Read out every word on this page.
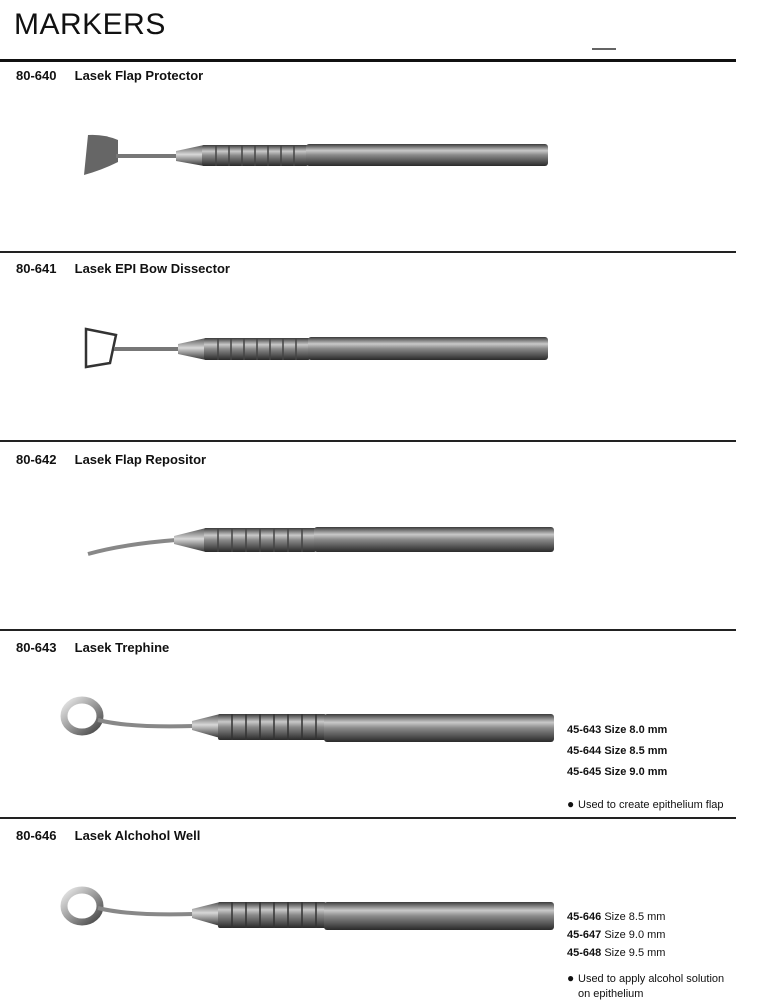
MARKERS
80-640 Lasek Flap Protector
80-641 Lasek EPI Bow Dissector
80-642 Lasek Flap Repositor
80-643 Lasek Trephine
45-643 Size 8.0 mm
45-644 Size 8.5 mm
45-645 Size 9.0 mm
● Used to create epithelium flap
80-646 Lasek Alchohol Well
45-646 Size 8.5 mm
45-647 Size 9.0 mm
45-648 Size 9.5 mm
● Used to apply alcohol solution
on epithelium
